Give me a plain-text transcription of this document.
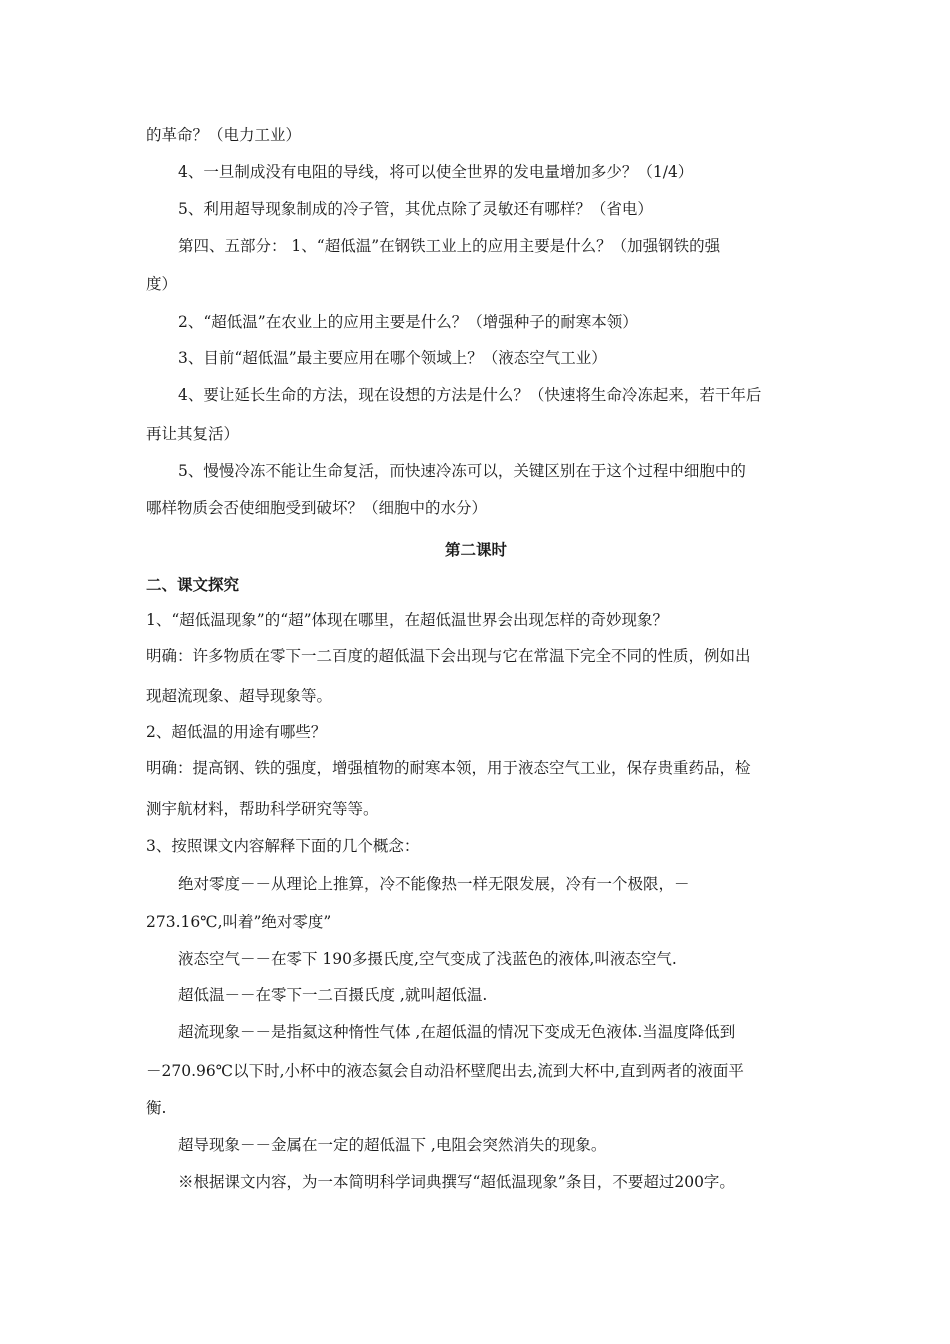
的革命？（电力工业）
4、一旦制成没有电阻的导线，将可以使全世界的发电量增加多少？（1/4）
5、利用超导现象制成的冷子管，其优点除了灵敏还有哪样？（省电）
第四、五部分： 1、“超低温”在钢铁工业上的应用主要是什么？（加强钢铁的强
度）
2、“超低温”在农业上的应用主要是什么？（增强种子的耐寒本领）
3、目前“超低温”最主要应用在哪个领域上？（液态空气工业）
4、要让延长生命的方法，现在设想的方法是什么？（快速将生命冷冻起来，若干年后
再让其复活）
5、慢慢冷冻不能让生命复活，而快速冷冻可以，关键区别在于这个过程中细胞中的
哪样物质会否使细胞受到破坏？（细胞中的水分）
第二课时
二、课文探究
1、“超低温现象”的“超”体现在哪里，在超低温世界会出现怎样的奇妙现象？
明确：许多物质在零下一二百度的超低温下会出现与它在常温下完全不同的性质，例如出
现超流现象、超导现象等。
2、超低温的用途有哪些？
明确：提高钢、铁的强度，增强植物的耐寒本领，用于液态空气工业，保存贵重药品，检
测宇航材料，帮助科学研究等等。
3、按照课文内容解释下面的几个概念：
绝对零度－－从理论上推算，冷不能像热一样无限发展，冷有一个极限，－
273.16℃,叫着”绝对零度”
液态空气－－在零下 190多摄氏度,空气变成了浅蓝色的液体,叫液态空气.
超低温－－在零下一二百摄氏度 ,就叫超低温.
超流现象－－是指氦这种惰性气体 ,在超低温的情况下变成无色液体.当温度降低到
－270.96℃以下时,小杯中的液态氦会自动沿杯壁爬出去,流到大杯中,直到两者的液面平
衡.
超导现象－－金属在一定的超低温下 ,电阻会突然消失的现象。
※根据课文内容，为一本简明科学词典撰写“超低温现象”条目，不要超过200字。
